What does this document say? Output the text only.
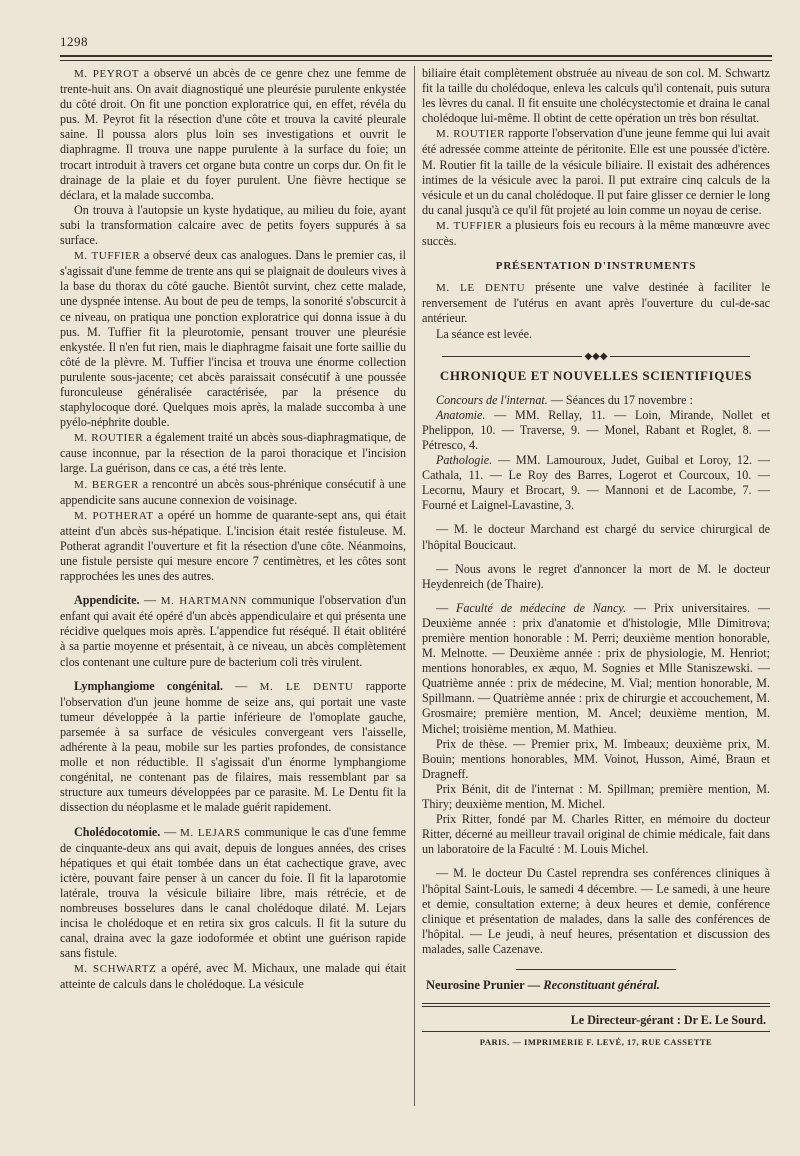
1298

M. PEYROT a observé un abcès de ce genre chez une femme de trente-huit ans. On avait diagnostiqué une pleurésie purulente enkystée du côté droit. On fit une ponction exploratrice qui, en effet, révéla du pus. M. Peyrot fit la résection d'une côte et trouva la cavité pleurale saine. Il poussa alors plus loin ses investigations et ouvrit le diaphragme. Il trouva une nappe purulente à la surface du foie; un trocart introduit à travers cet organe buta contre un corps dur. On fit le drainage de la plaie et du foyer purulent. Une fièvre hectique se déclara, et la malade succomba.

On trouva à l'autopsie un kyste hydatique, au milieu du foie, ayant subi la transformation calcaire avec de petits foyers suppurés à sa surface.

M. TUFFIER a observé deux cas analogues. Dans le premier cas, il s'agissait d'une femme de trente ans qui se plaignait de douleurs vives à la base du thorax du côté gauche. Bientôt survint, chez cette malade, une dyspnée intense. Au bout de peu de temps, la sonorité s'obscurcit à ce niveau, on pratiqua une ponction exploratrice qui donna issue à du pus. M. Tuffier fit la pleurotomie, pensant trouver une pleurésie enkystée. Il n'en fut rien, mais le diaphragme faisait une forte saillie du côté de la plèvre. M. Tuffier l'incisa et trouva une énorme collection purulente sous-jacente; cet abcès paraissait consécutif à une poussée furonculeuse généralisée caractérisée, par la présence du staphylocoque doré. Quelques mois après, la malade succomba à une pyélo-néphrite double.

M. ROUTIER a également traité un abcès sous-diaphragmatique, de cause inconnue, par la résection de la paroi thoracique et l'incision large. La guérison, dans ce cas, a été très lente.

M. BERGER a rencontré un abcès sous-phrénique consécutif à une appendicite sans aucune connexion de voisinage.

M. POTHERAT a opéré un homme de quarante-sept ans, qui était atteint d'un abcès sus-hépatique. L'incision était restée fistuleuse. M. Potherat agrandit l'ouverture et fit la résection d'une côte. Néanmoins, une fistule persiste qui mesure encore 7 centimètres, et les côtes sont rapprochées les unes des autres.

Appendicite. — M. HARTMANN communique l'observation d'un enfant qui avait été opéré d'un abcès appendiculaire et qui présenta une récidive quelques mois après. L'appendice fut réséqué. Il était oblitéré à sa partie moyenne et présentait, à ce niveau, un abcès complètement clos contenant une culture pure de bacterium coli très virulent.

Lymphangiome congénital. — M. LE DENTU rapporte l'observation d'un jeune homme de seize ans, qui portait une vaste tumeur développée à la partie inférieure de l'omoplate gauche, parsemée à sa surface de vésicules convergeant vers l'aisselle, adhérente à la peau, mobile sur les parties profondes, de consistance molle et non réductible. Il s'agissait d'un énorme lymphangiome congénital, ne contenant pas de filaires, mais ressemblant par sa structure aux tumeurs développées par ce parasite. M. Le Dentu fit la dissection du néoplasme et le malade guérit rapidement.

Cholédocotomie. — M. LEJARS communique le cas d'une femme de cinquante-deux ans qui avait, depuis de longues années, des crises hépatiques et qui était tombée dans un état cachectique grave, avec ictère, pouvant faire penser à un cancer du foie. Il fit la laparotomie latérale, trouva la vésicule biliaire libre, mais rétrécie, et de nombreuses bosselures dans le canal cholédoque dilaté. M. Lejars incisa le cholédoque et en retira six gros calculs. Il fit la suture du canal, draina avec la gaze iodoformée et obtint une guérison rapide sans fistule.

M. SCHWARTZ a opéré, avec M. Michaux, une malade qui était atteinte de calculs dans le cholédoque. La vésicule

biliaire était complètement obstruée au niveau de son col. M. Schwartz fit la taille du cholédoque, enleva les calculs qu'il contenait, puis sutura les lèvres du canal. Il fit ensuite une cholécystectomie et draina le canal cholédoque lui-même. Il obtint de cette opération un très bon résultat.

M. ROUTIER rapporte l'observation d'une jeune femme qui lui avait été adressée comme atteinte de péritonite. Elle est une poussée d'ictère. M. Routier fit la taille de la vésicule biliaire. Il existait des adhérences intimes de la vésicule avec la paroi. Il put extraire cinq calculs de la vésicule et un du canal cholédoque. Il put faire glisser ce dernier le long du canal jusqu'à ce qu'il fût projeté au loin comme un noyau de cerise.

M. TUFFIER a plusieurs fois eu recours à la même manœuvre avec succès.

PRÉSENTATION D'INSTRUMENTS

M. LE DENTU présente une valve destinée à faciliter le renversement de l'utérus en avant après l'ouverture du cul-de-sac antérieur.

La séance est levée.

◆◆◆
CHRONIQUE ET NOUVELLES SCIENTIFIQUES

Concours de l'internat. — Séances du 17 novembre :

Anatomie. — MM. Rellay, 11. — Loin, Mirande, Nollet et Phelippon, 10. — Traverse, 9. — Monel, Rabant et Roglet, 8. — Pétresco, 4.

Pathologie. — MM. Lamouroux, Judet, Guibal et Loroy, 12. — Cathala, 11. — Le Roy des Barres, Logerot et Courcoux, 10. — Lecornu, Maury et Brocart, 9. — Mannoni et de Lacombe, 7. — Fourné et Laignel-Lavastine, 3.

— M. le docteur Marchand est chargé du service chirurgical de l'hôpital Boucicaut.

— Nous avons le regret d'annoncer la mort de M. le docteur Heydenreich (de Thaire).

— Faculté de médecine de Nancy. — Prix universitaires. — Deuxième année : prix d'anatomie et d'histologie, Mlle Dimitrova; première mention honorable : M. Perri; deuxième mention honorable, M. Melnotte. — Deuxième année : prix de physiologie, M. Henriot; mentions honorables, ex æquo, M. Sognies et Mlle Staniszewski. — Quatrième année : prix de médecine, M. Vial; mention honorable, M. Spillmann. — Quatrième année : prix de chirurgie et accouchement, M. Grosmaire; première mention, M. Ancel; deuxième mention, M. Michel; troisième mention, M. Mathieu.

Prix de thèse. — Premier prix, M. Imbeaux; deuxième prix, M. Bouin; mentions honorables, MM. Voinot, Husson, Aimé, Braun et Dragneff.

Prix Bénit, dit de l'internat : M. Spillman; première mention, M. Thiry; deuxième mention, M. Michel.

Prix Ritter, fondé par M. Charles Ritter, en mémoire du docteur Ritter, décerné au meilleur travail original de chimie médicale, fait dans un laboratoire de la Faculté : M. Louis Michel.

— M. le docteur Du Castel reprendra ses conférences cliniques à l'hôpital Saint-Louis, le samedi 4 décembre. — Le samedi, à une heure et demie, consultation externe; à deux heures et demie, conférence clinique et présentation de malades, dans la salle des conférences de l'hôpital. — Le jeudi, à neuf heures, présentation et discussion des malades, salle Cazenave.

Neurosine Prunier — Reconstituant général.

Le Directeur-gérant : Dr E. Le Sourd.

PARIS. — IMPRIMERIE F. LEVÉ, 17, RUE CASSETTE
